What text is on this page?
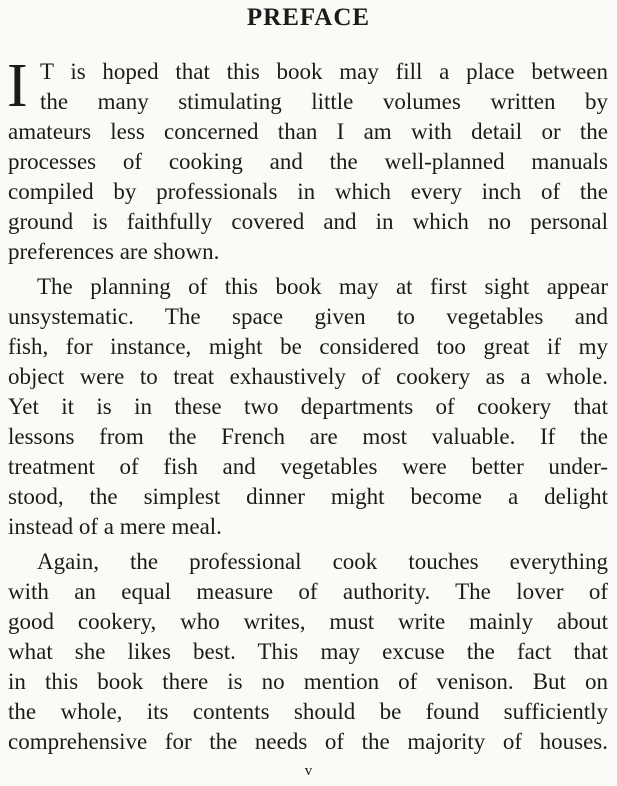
PREFACE
I T is hoped that this book may fill a place between
the many stimulating little volumes written by
amateurs less concerned than I am with detail or the
processes of cooking and the well-planned manuals
compiled by professionals in which every inch of the
ground is faithfully covered and in which no personal
preferences are shown.
The planning of this book may at first sight appear
unsystematic. The space given to vegetables and
fish, for instance, might be considered too great if my
object were to treat exhaustively of cookery as a whole.
Yet it is in these two departments of cookery that
lessons from the French are most valuable. If the
treatment of fish and vegetables were better under-
stood, the simplest dinner might become a delight
instead of a mere meal.
Again, the professional cook touches everything
with an equal measure of authority. The lover of
good cookery, who writes, must write mainly about
what she likes best. This may excuse the fact that
in this book there is no mention of venison. But on
the whole, its contents should be found sufficiently
comprehensive for the needs of the majority of houses.
v
